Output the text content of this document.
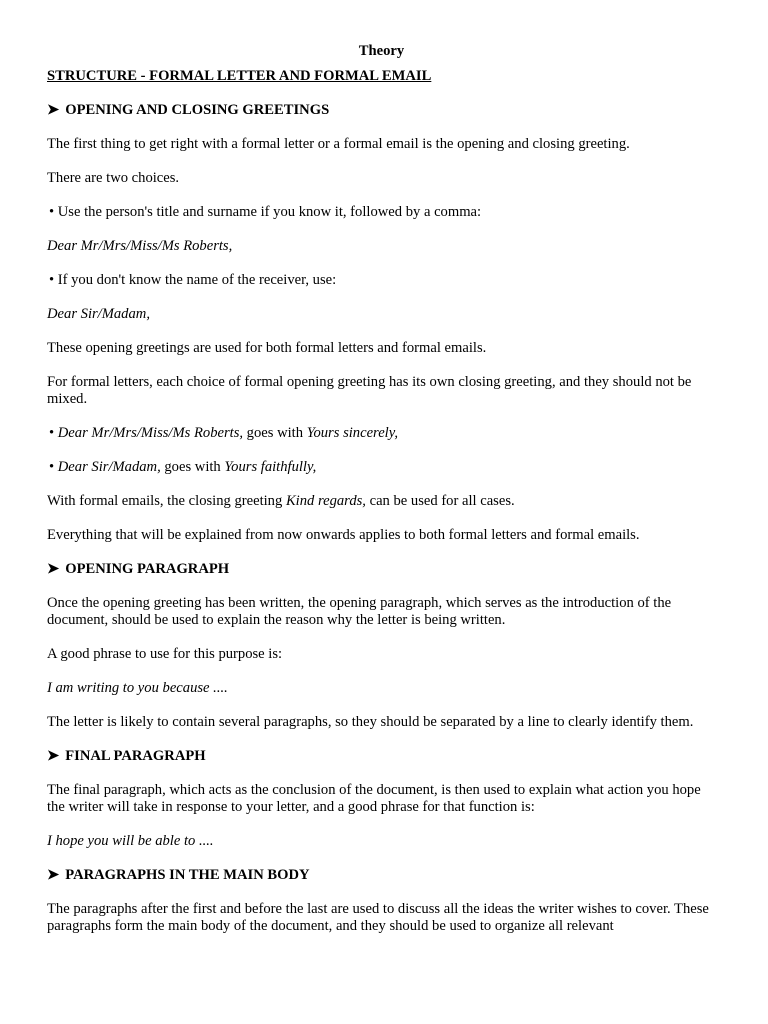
Theory
STRUCTURE - FORMAL LETTER AND FORMAL EMAIL
➤ OPENING AND CLOSING GREETINGS

The first thing to get right with a formal letter or a formal email is the opening and closing greeting.

There are two choices.

• Use the person's title and surname if you know it, followed by a comma:

Dear Mr/Mrs/Miss/Ms Roberts,

• If you don't know the name of the receiver, use:

Dear Sir/Madam,

These opening greetings are used for both formal letters and formal emails.

For formal letters, each choice of formal opening greeting has its own closing greeting, and they should not be mixed.

• Dear Mr/Mrs/Miss/Ms Roberts, goes with Yours sincerely,

• Dear Sir/Madam, goes with Yours faithfully,

With formal emails, the closing greeting Kind regards, can be used for all cases.

Everything that will be explained from now onwards applies to both formal letters and formal emails.

➤ OPENING PARAGRAPH

Once the opening greeting has been written, the opening paragraph, which serves as the introduction of the document, should be used to explain the reason why the letter is being written.

A good phrase to use for this purpose is:

I am writing to you because ....

The letter is likely to contain several paragraphs, so they should be separated by a line to clearly identify them.

➤ FINAL PARAGRAPH

The final paragraph, which acts as the conclusion of the document, is then used to explain what action you hope the writer will take in response to your letter, and a good phrase for that function is:

I hope you will be able to ....

➤ PARAGRAPHS IN THE MAIN BODY

The paragraphs after the first and before the last are used to discuss all the ideas the writer wishes to cover. These paragraphs form the main body of the document, and they should be used to organize all relevant
